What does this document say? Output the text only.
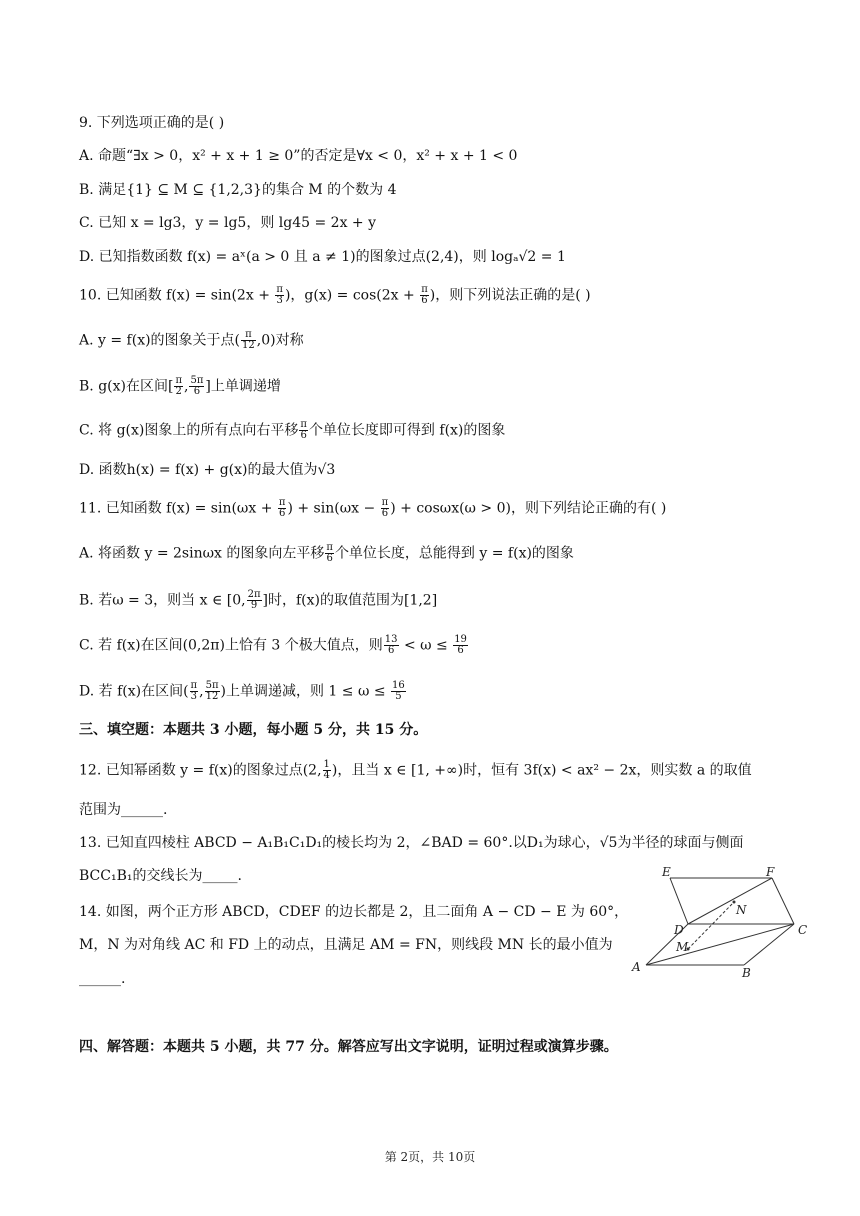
9. 下列选项正确的是( )
A. 命题“∃x > 0，x² + x + 1 ≥ 0”的否定是∀x < 0，x² + x + 1 < 0
B. 满足{1} ⊆ M ⊆ {1,2,3}的集合 M 的个数为 4
C. 已知 x = lg3，y = lg5，则 lg45 = 2x + y
D. 已知指数函数 f(x) = aˣ(a > 0 且 a ≠ 1)的图象过点(2,4)，则 logₐ√2 = 1
10. 已知函数 $f(x) = \sin(2x + \frac{\pi}{3}$ )，$g(x) = \cos(2x + \frac{\pi}{6}$ )，则下列说法正确的是( )
A. y = f(x)的图象关于点( $\frac{\pi}{12} ,0$)对称
B. g(x)在区间[ $\frac{\pi}{2}$ , $\frac{5\pi}{6}$ ]上单调递增
C. 将 g(x)图象上的所有点向右平移 $\frac{\pi}{6}$ 个单位长度即可得到 f(x)的图象
D. 函数h(x) = f(x) + g(x)的最大值为√3
11. 已知函数 $f(x) = \sin(\omega x + \frac{\pi}{6}$ ) + $\sin(\omega x - \frac{\pi}{6}$ ) + cosωx(ω > 0)，则下列结论正确的有( )
A. 将函数 y = 2sinωx 的图象向左平移 $\frac{\pi}{6}$ 个单位长度，总能得到 y = f(x)的图象
B. 若ω = 3，则当 x ∈ [0, $\frac{2\pi}{9}$ ]时，f(x)的取值范围为[1,2]
C. 若 f(x)在区间(0,2π)上恰有 3 个极大值点，则 $\frac{13}{6} < \omega \le \frac{19}{6}$
D. 若 f(x)在区间( $\frac{\pi}{3}$ , $\frac{5\pi}{12}$ )上单调递减，则 $1 \le \omega \le \frac{16}{5}$
三、填空题：本题共 3 小题，每小题 5 分，共 15 分。
12. 已知幂函数 y = f(x)的图象过点(2, $\frac{1}{4}$ )，且当 x ∈ [1, +∞)时，恒有 3f(x) < ax² − 2x，则实数 a 的取值
范围为______.
13. 已知直四棱柱 ABCD − A₁B₁C₁D₁的棱长均为 2，∠BAD = 60°.以D₁为球心，√5为半径的球面与侧面
BCC₁B₁的交线长为_____.
14. 如图，两个正方形 ABCD，CDEF 的边长都是 2，且二面角 A − CD − E 为 60°，
M，N 为对角线 AC 和 FD 上的动点，且满足 AM = FN，则线段 MN 长的最小值为
______.
E	F
N
D
M
C
A	B
四、解答题：本题共 5 小题，共 77 分。解答应写出文字说明，证明过程或演算步骤。
第 2页，共 10页
